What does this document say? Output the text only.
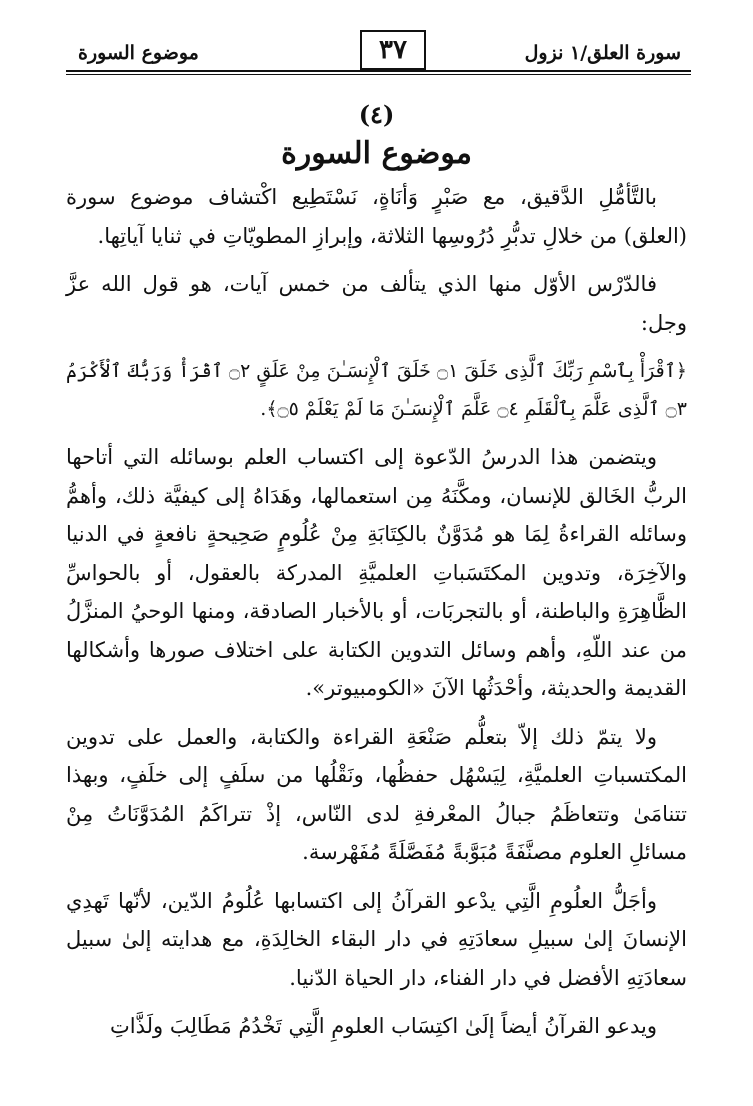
موضوع السورة	٣٧	سورة العلق/١ نزول
(٤)
موضوع السورة

بالتَّأمُّلِ الدَّقيق، مع صَبْرٍ وَأنَاةٍ، نَسْتَطِيع اكْتشاف موضوع سورة (العلق) من خلالِ تدبُّرِ دُرُوسِها الثلاثة، وإبرازِ المطويّاتِ في ثنايا آياتِها.

فالدّرْس الأوّل منها الذي يتألف من خمس آيات، هو قول الله عزَّ وجل:

﴿ٱقْرَأْ بِٱسْمِ رَبِّكَ ٱلَّذِى خَلَقَ ۝١ خَلَقَ ٱلْإِنسَـٰنَ مِنْ عَلَقٍ ۝٢ ٱقْرَأْ وَرَبُّكَ ٱلْأَكْرَمُ ۝٣ ٱلَّذِى عَلَّمَ بِٱلْقَلَمِ ۝٤ عَلَّمَ ٱلْإِنسَـٰنَ مَا لَمْ يَعْلَمْ ۝٥﴾.

ويتضمن هذا الدرسُ الدّعوة إلى اكتساب العلم بوسائله التي أتاحها الربُّ الخَالق للإنسان، ومكَّنَهُ مِن استعمالها، وهَدَاهُ إلى كيفيَّة ذلك، وأهمُّ وسائله القراءةُ لِمَا هو مُدَوَّنٌ بالكِتَابَةِ مِنْ عُلُومٍ صَحِيحةٍ نافعةٍ في الدنيا والآخِرَة، وتدوين المكتَسَباتِ العلميَّةِ المدركة بالعقول، أو بالحواسِّ الظَّاهِرَةِ والباطنة، أو بالتجربَات، أو بالأخبار الصادقة، ومنها الوحيُ المنزَّلُ من عند اللّهِ، وأهم وسائل التدوين الكتابة على اختلاف صورها وأشكالها القديمة والحديثة، وأحْدَثُها الآنَ «الكومبيوتر».

ولا يتمّ ذلك إلاّ بتعلُّم صَنْعَةِ القراءة والكتابة، والعمل على تدوين المكتسباتِ العلميَّةِ، لِيَسْهُل حفظُها، ونَقْلُها من سلَفٍ إلى خلَفٍ، وبهذا تتنامَىٰ وتتعاظَمُ جبالُ المعْرفةِ لدى النّاس، إذْ تتراكَمُ المُدَوَّنَاتُ مِنْ مسائلِ العلوم مصنَّفَةً مُبَوَّبةً مُفَصَّلَةً مُفَهْرسة.

وأجَلُّ العلُومِ الَّتِي يدْعو القرآنُ إلى اكتسابها عُلُومُ الدّين، لأنّها تَهدِي الإنسانَ إلىٰ سبيلِ سعادَتِهِ في دار البقاء الخالِدَةِ، مع هدايته إلىٰ سبيل سعادَتِهِ الأفضل في دار الفناء، دار الحياة الدّنيا.

ويدعو القرآنُ أيضاً إلَىٰ اكتِسَاب العلومِ الَّتِي تَخْدُمُ مَطَالِبَ ولَذَّاتِ
